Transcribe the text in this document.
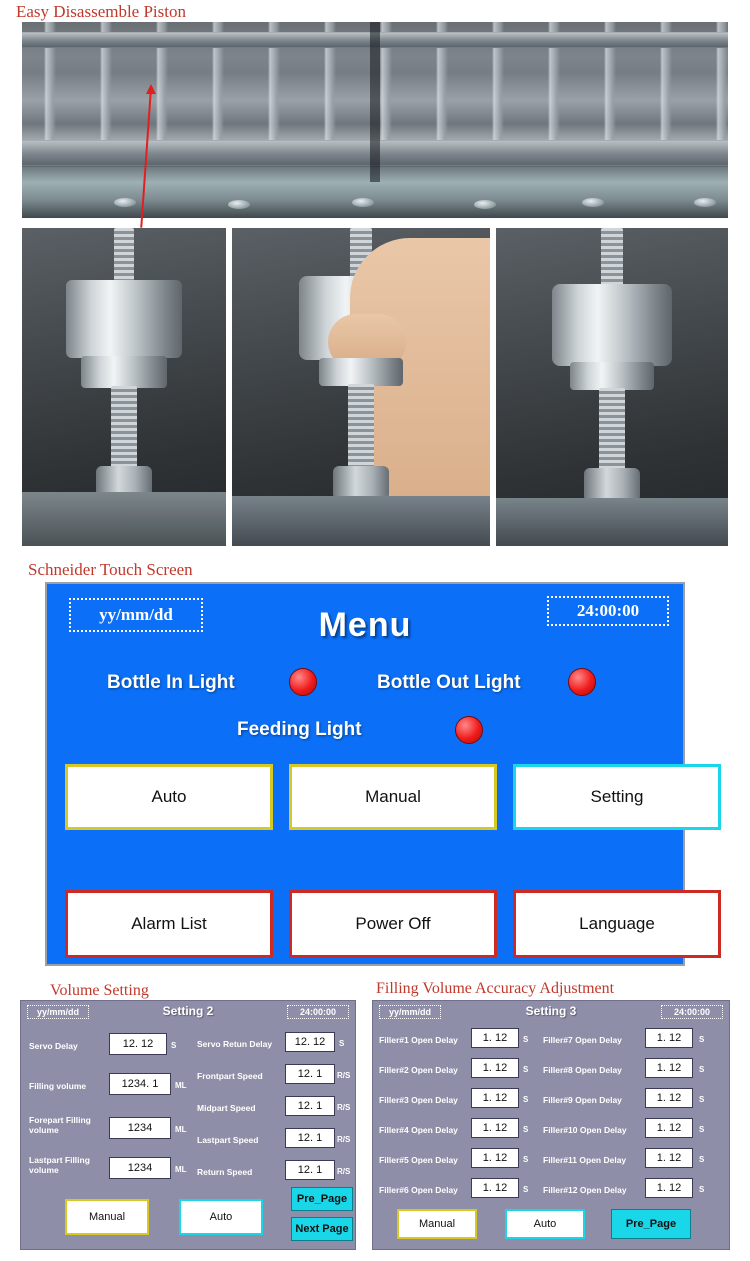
Easy Disassemble Piston
Schneider Touch Screen
yy/mm/dd	24:00:00
Menu
Bottle In Light	Bottle Out Light
Feeding Light
Auto	Manual	Setting
Alarm List	Power Off	Language
Volume Setting	Filling Volume Accuracy Adjustment
yy/mm/dd	Setting 2	24:00:00
Servo Delay	12. 12	S
Filling volume	1234. 1	ML
Forepart Filling volume	1234	ML
Lastpart Filling volume	1234	ML
Servo Retun Delay	12. 12	S
Frontpart Speed	12. 1	R/S
Midpart Speed	12. 1	R/S
Lastpart Speed	12. 1	R/S
Return Speed	12. 1	R/S
Manual	Auto
Pre_Page
Next Page
yy/mm/dd	Setting 3	24:00:00
Filler#1 Open Delay	1. 12	S
Filler#2 Open Delay	1. 12	S
Filler#3 Open Delay	1. 12	S
Filler#4 Open Delay	1. 12	S
Filler#5 Open Delay	1. 12	S
Filler#6 Open Delay	1. 12	S
Filler#7 Open Delay	1. 12	S
Filler#8 Open Delay	1. 12	S
Filler#9 Open Delay	1. 12	S
Filler#10 Open Delay	1. 12	S
Filler#11 Open Delay	1. 12	S
Filler#12 Open Delay	1. 12	S
Manual	Auto	Pre_Page
